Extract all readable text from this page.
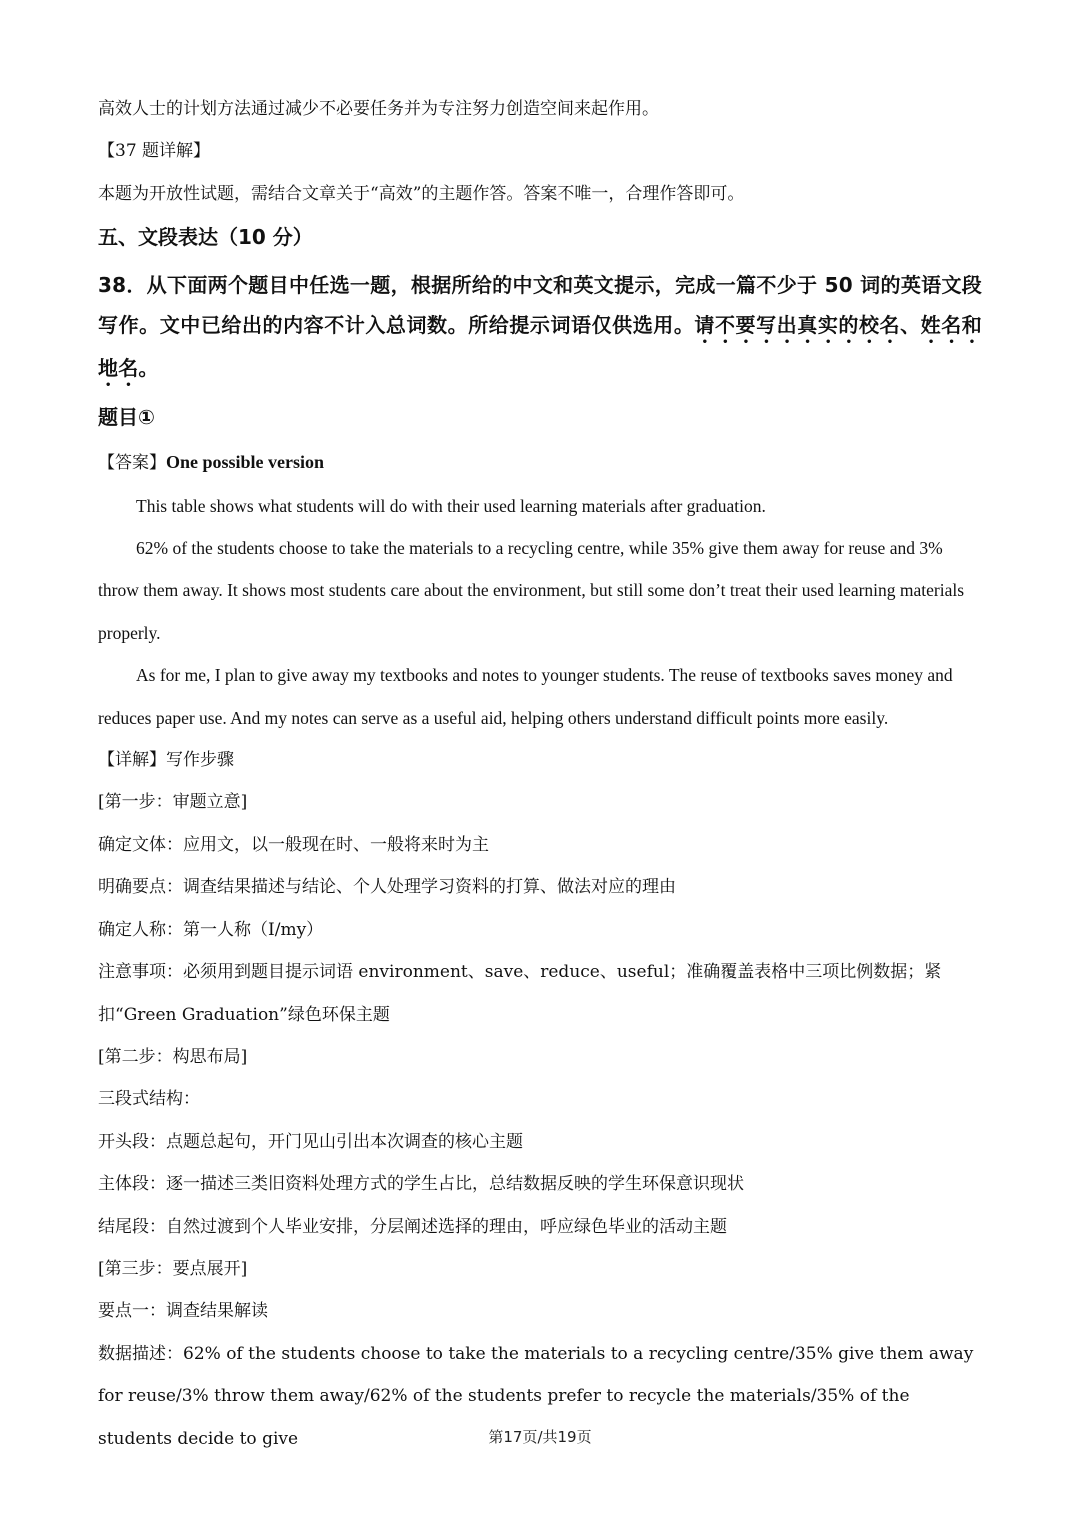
高效人士的计划方法通过减少不必要任务并为专注努力创造空间来起作用。

【37 题详解】

本题为开放性试题，需结合文章关于“高效”的主题作答。答案不唯一，合理作答即可。

五、文段表达（10 分）

38．从下面两个题目中任选一题，根据所给的中文和英文提示，完成一篇不少于 50 词的英语文段写作。文中已给出的内容不计入总词数。所给提示词语仅供选用。请不要写出真实的校名、姓名和地名。

题目①

【答案】One possible version

This table shows what students will do with their used learning materials after graduation.

62% of the students choose to take the materials to a recycling centre, while 35% give them away for reuse and 3% throw them away. It shows most students care about the environment, but still some don’t treat their used learning materials properly.

As for me, I plan to give away my textbooks and notes to younger students. The reuse of textbooks saves money and reduces paper use. And my notes can serve as a useful aid, helping others understand difficult points more easily.

【详解】写作步骤

[第一步：审题立意]

确定文体：应用文，以一般现在时、一般将来时为主

明确要点：调查结果描述与结论、个人处理学习资料的打算、做法对应的理由

确定人称：第一人称（I/my）

注意事项：必须用到题目提示词语 environment、save、reduce、useful；准确覆盖表格中三项比例数据；紧扣“Green Graduation”绿色环保主题

[第二步：构思布局]

三段式结构：

开头段：点题总起句，开门见山引出本次调查的核心主题

主体段：逐一描述三类旧资料处理方式的学生占比，总结数据反映的学生环保意识现状

结尾段：自然过渡到个人毕业安排，分层阐述选择的理由，呼应绿色毕业的活动主题

[第三步：要点展开]

要点一：调查结果解读

数据描述：62% of the students choose to take the materials to a recycling centre/35% give them away for reuse/3% throw them away/62% of the students prefer to recycle the materials/35% of the students decide to give	第17页/共19页
